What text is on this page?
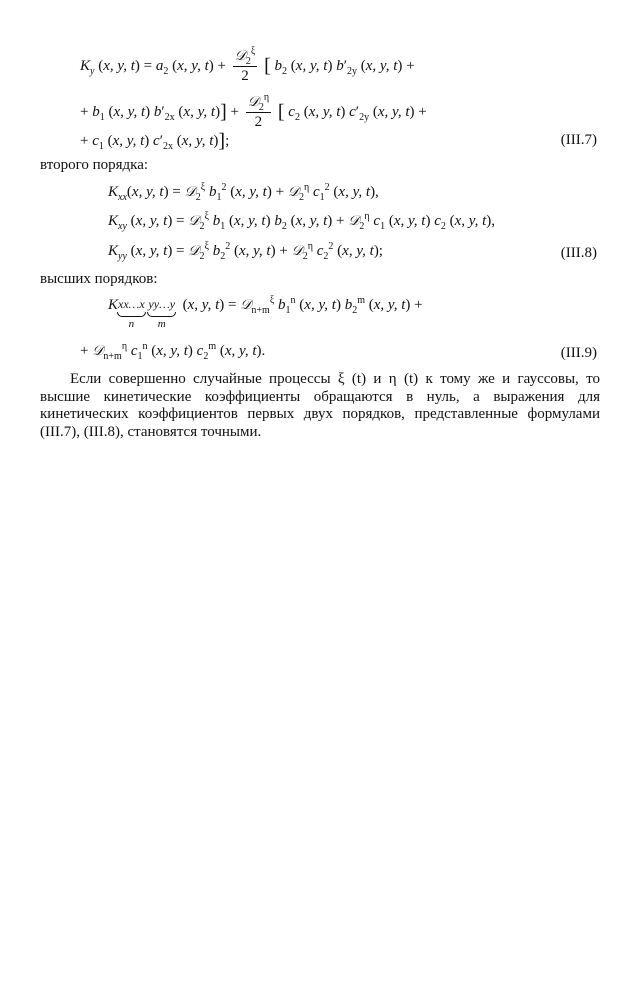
$K_y$ (x, y, $t) = a_2$ (x, y, $t) + \frac{𝒟_2^\xi}{2}$ [ $b_2$ (x, y, t) $b'_{2y}$ (x, y, t) +
+ $b_1$ (x, y, t) $b'_{2x}$ (x, y, $t)] + \frac{𝒟_2^\eta}{2}$ [ $c_2$ (x, y, t) $c'_{2y}$ (x, y, t) +
+ $c_1$ (x, y, t) $c'_{2x}$ (x, y, t)];	(III.7)
второго порядка:
$K_{xx}(x$, y, t) = 𝒟$_2^\xi$ $b_1^2$ (x, y, t) + 𝒟$_2^\eta$ $c_1^2$ (x, y, t),
$K_{xy}$ (x, y, t) = 𝒟$_2^\xi$ $b_1$ (x, y, t) $b_2$ (x, y, t) + 𝒟$_2^\eta$ $c_1$ (x, y, t) $c_2$ (x, y, t),
$K_{yy}$ (x, y, t) = 𝒟$_2^\xi$ $b_2^2$ (x, y, t) + 𝒟$_2^\eta$ $c_2^2$ (x, y, t);	(III.8)
высших порядков:
K xx…x
n

yy…y
m
(x, y, t) = 𝒟$_{n+m}^\xi$ $b_1^n$ (x, y, t) $b_2^m$ (x, y, t) +
+ 𝒟$_{n+m}^\eta$ $c_1^n$ (x, y, t) $c_2^m$ (x, y, t).	(III.9)
Если совершенно случайные процессы ξ (t) и η (t) к тому же и гауссовы, то высшие кинетические коэффициенты обращаются в нуль, а выражения для кинетических коэффициентов первых двух порядков, представленные формулами (III.7), (III.8), становятся точными.
